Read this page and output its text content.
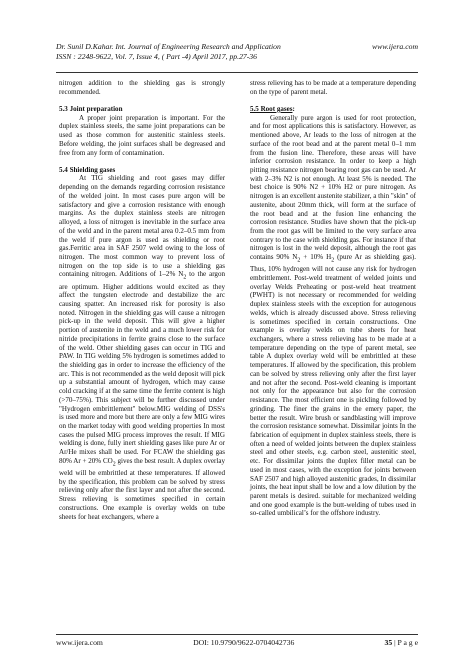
Dr. Sunil D.Kahar. Int. Journal of Engineering Research and Application	www.ijera.com
ISSN : 2248-9622, Vol. 7, Issue 4, ( Part -4) April 2017, pp.27-36

nitrogen addition to the shielding gas is strongly recommended.

5.3 Joint preparation

A proper joint preparation is important. For the duplex stainless steels, the same joint preparations can be used as those common for austenitic stainless steels. Before welding, the joint surfaces shall be degreased and free from any form of contamination.

5.4 Shielding gases

At TIG shielding and root gases may differ depending on the demands regarding corrosion resistance of the welded joint. In most cases pure argon will be satisfactory and give a corrosion resistance with enough margins. As the duplex stainless steels are nitrogen alloyed, a loss of nitrogen is inevitable in the surface area of the weld and in the parent metal area 0.2–0.5 mm from the weld if pure argon is used as shielding or root gas.Ferritic area in SAF 2507 weld owing to the loss of nitrogen. The most common way to prevent loss of nitrogen on the top side is to use a shielding gas containing nitrogen. Additions of 1–2% $N_2$ to the argon are optimum. Higher additions would excited as they affect the tungsten electrode and destabilize the arc causing spatter. An increased risk for porosity is also noted. Nitrogen in the shielding gas will cause a nitrogen pick-up in the weld deposit. This will give a higher portion of austenite in the weld and a much lower risk for nitride precipitations in ferrite grains close to the surface of the weld. Other shielding gases can occur in TIG and PAW. In TIG welding 5% hydrogen is sometimes added to the shielding gas in order to increase the efficiency of the arc. This is not recommended as the weld deposit will pick up a substantial amount of hydrogen, which may cause cold cracking if at the same time the ferrite content is high (>70–75%). This subject will be further discussed under "Hydrogen embrittlement" below.MIG welding of DSS's is used more and more but there are only a few MIG wires on the market today with good welding properties In most cases the pulsed MIG process improves the result. If MIG welding is done, fully inert shielding gases like pure Ar or Ar/He mixes shall be used. For FCAW the shielding gas 80% Ar + 20% $CO_2$ gives the best result. A duplex overlay weld will be embrittled at these temperatures. If allowed by the specification, this problem can be solved by stress relieving only after the first layer and not after the second. Stress relieving is sometimes specified in certain constructions. One example is overlay welds on tube sheets for heat exchangers, where a

stress relieving has to be made at a temperature depending on the type of parent metal.

5.5 Root gases:

Generally pure argon is used for root protection, and for most applications this is satisfactory. However, as mentioned above, Ar leads to the loss of nitrogen at the surface of the root bead and at the parent metal 0–1 mm from the fusion line. Therefore, these areas will have inferior corrosion resistance. In order to keep a high pitting resistance nitrogen bearing root gas can be used. Ar with 2–3% N2 is not enough. At least 5% is needed. The best choice is 90% N2 + 10% H2 or pure nitrogen. As nitrogen is an excellent austenite stabilizer, a thin "skin" of austenite, about 20mm thick, will form at the surface of the root bead and at the fusion line enhancing the corrosion resistance. Studies have shown that the pick-up from the root gas will be limited to the very surface area contrary to the case with shielding gas. For instance if that nitrogen is lost in the weld deposit, although the root gas contains 90% $N_2 + 10\%$ $H_2$ (pure Ar as shielding gas). Thus, 10% hydrogen will not cause any risk for hydrogen embrittlement. Post-weld treatment of welded joints und overlay Welds Preheating or post-weld heat treatment (PWHT) is not necessary or recommended for welding duplex stainless steels with the exception for autogenous welds, which is already discussed above. Stress relieving is sometimes specified in certain constructions. One example is overlay welds on tube sheets for heat exchangers, where a stress relieving has to be made at a temperature depending on the type of parent metal, see table A duplex overlay weld will be embrittled at these temperatures. If allowed by the specification, this problem can be solved by stress relieving only after the first layer and not after the second. Post-weld cleaning is important not only for the appearance but also for the corrosion resistance. The most efficient one is pickling followed by grinding. The finer the grains in the emery paper, the better the result. Wire brush or sandblasting will improve the corrosion resistance somewhat. Dissimilar joints In the fabrication of equipment in duplex stainless steels, there is often a need of welded joints between the duplex stainless steel and other steels, e.g. carbon steel, austenitic steel, etc. For dissimilar joints the duplex filler metal can be used in most cases, with the exception for joints between SAF 2507 and high alloyed austenitic grades, In dissimilar joints, the heat input shall be low and a low dilution by the parent metals is desired. suitable for mechanized welding and one good example is the butt-welding of tubes used in so-called umbilical’s for the offshore industry.

www.ijera.com	DOI: 10.9790/9622-0704042736	35 | P a g e
